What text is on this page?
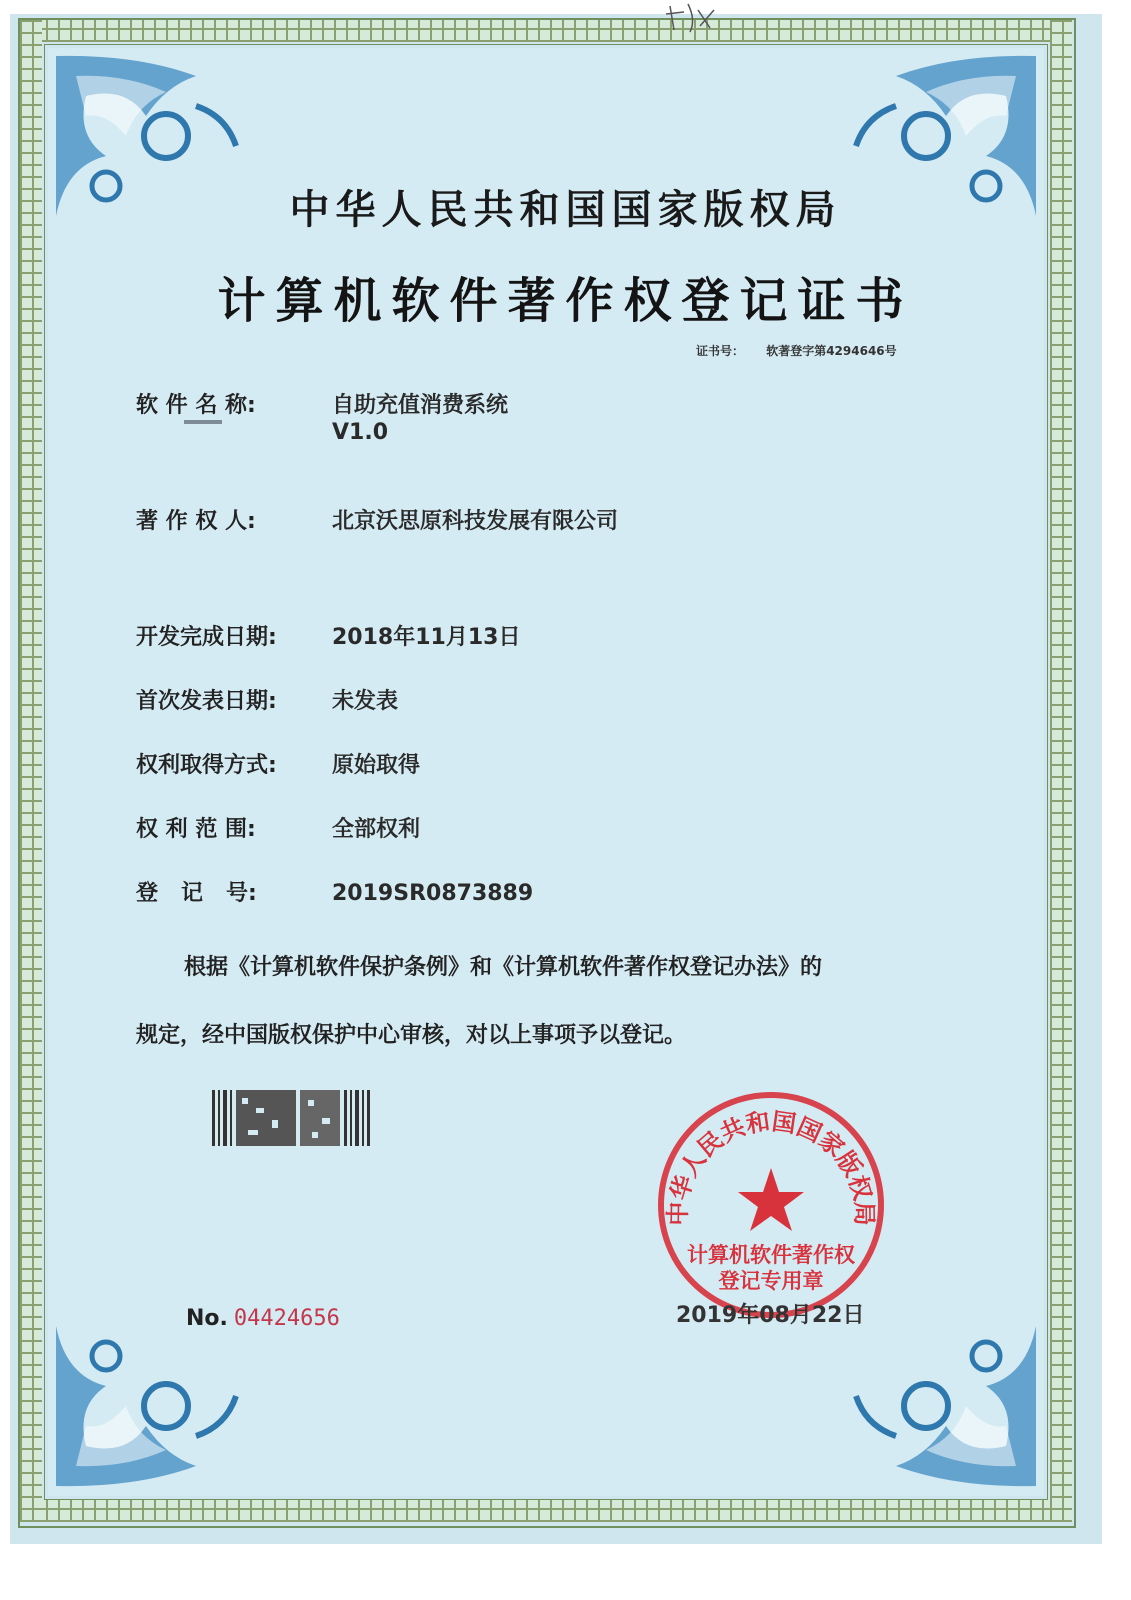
中华人民共和国国家版权局
计算机软件著作权登记证书
证书号： 软著登字第4294646号
软 件 名 称:	自助充值消费系统
V1.0
著 作 权 人:	北京沃思原科技发展有限公司
开发完成日期:	2018年11月13日
首次发表日期:	未发表
权利取得方式:	原始取得
权 利 范 围:	全部权利
登   记   号:	2019SR0873889
根据《计算机软件保护条例》和《计算机软件著作权登记办法》的
规定，经中国版权保护中心审核，对以上事项予以登记。
No. 04424656
中华人民共和国国家版权局
计算机软件著作权
登记专用章
2019年08月22日
